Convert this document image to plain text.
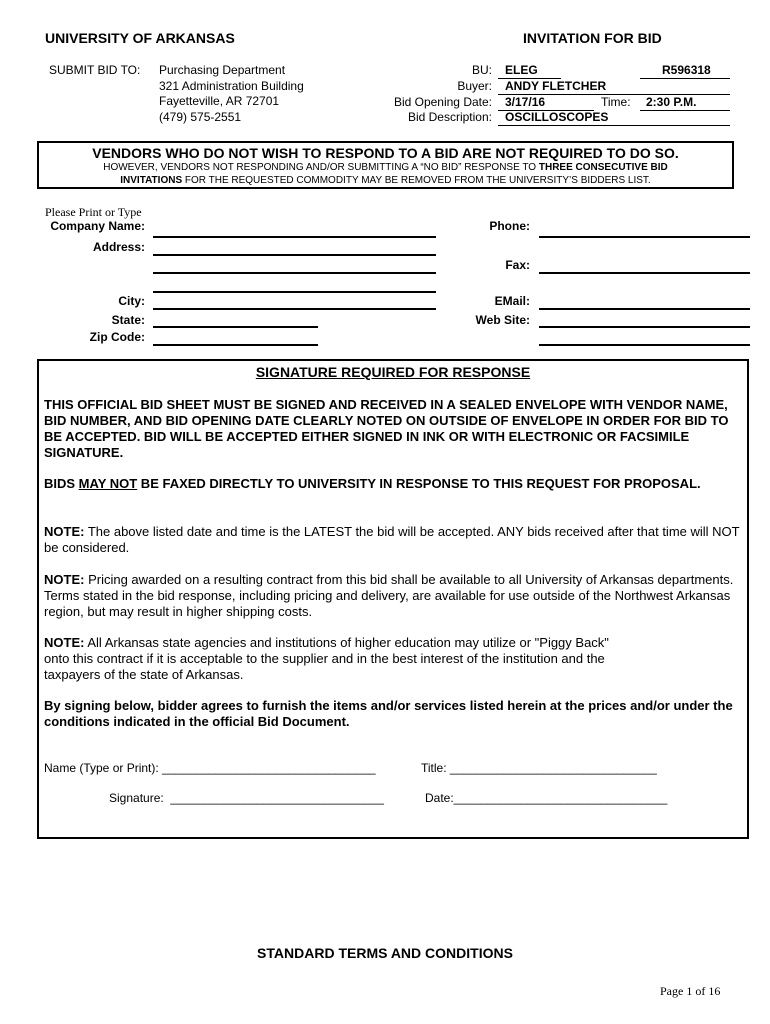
UNIVERSITY OF ARKANSAS	INVITATION FOR BID
SUBMIT BID TO: Purchasing Department
321 Administration Building
Fayetteville, AR 72701
(479) 575-2551
BU: ELEG	R596318
Buyer: ANDY FLETCHER
Bid Opening Date: 3/17/16	Time: 2:30 P.M.
Bid Description: OSCILLOSCOPES
VENDORS WHO DO NOT WISH TO RESPOND TO A BID ARE NOT REQUIRED TO DO SO.
HOWEVER, VENDORS NOT RESPONDING AND/OR SUBMITTING A “NO BID” RESPONSE TO THREE CONSECUTIVE BID
INVITATIONS FOR THE REQUESTED COMMODITY MAY BE REMOVED FROM THE UNIVERSITY’S BIDDERS LIST.
Please Print or Type
Company Name:
Address:
City:
State:
Zip Code:
Phone:
Fax:
EMail:
Web Site:
SIGNATURE REQUIRED FOR RESPONSE
THIS OFFICIAL BID SHEET MUST BE SIGNED AND RECEIVED IN A SEALED ENVELOPE WITH VENDOR NAME, BID NUMBER, AND BID OPENING DATE CLEARLY NOTED ON OUTSIDE OF ENVELOPE IN ORDER FOR BID TO BE ACCEPTED. BID WILL BE ACCEPTED EITHER SIGNED IN INK OR WITH ELECTRONIC OR FACSIMILE SIGNATURE.
BIDS MAY NOT BE FAXED DIRECTLY TO UNIVERSITY IN RESPONSE TO THIS REQUEST FOR PROPOSAL.
NOTE: The above listed date and time is the LATEST the bid will be accepted. ANY bids received after that time will NOT be considered.
NOTE: Pricing awarded on a resulting contract from this bid shall be available to all University of Arkansas departments. Terms stated in the bid response, including pricing and delivery, are available for use outside of the Northwest Arkansas region, but may result in higher shipping costs.
NOTE: All Arkansas state agencies and institutions of higher education may utilize or "Piggy Back"
onto this contract if it is acceptable to the supplier and in the best interest of the institution and the
taxpayers of the state of Arkansas.
By signing below, bidder agrees to furnish the items and/or services listed herein at the prices and/or under the conditions indicated in the official Bid Document.
Name (Type or Print): ________________________________	Title: _______________________________
Signature:  ________________________________	Date:________________________________
STANDARD TERMS AND CONDITIONS
Page 1 of 16
